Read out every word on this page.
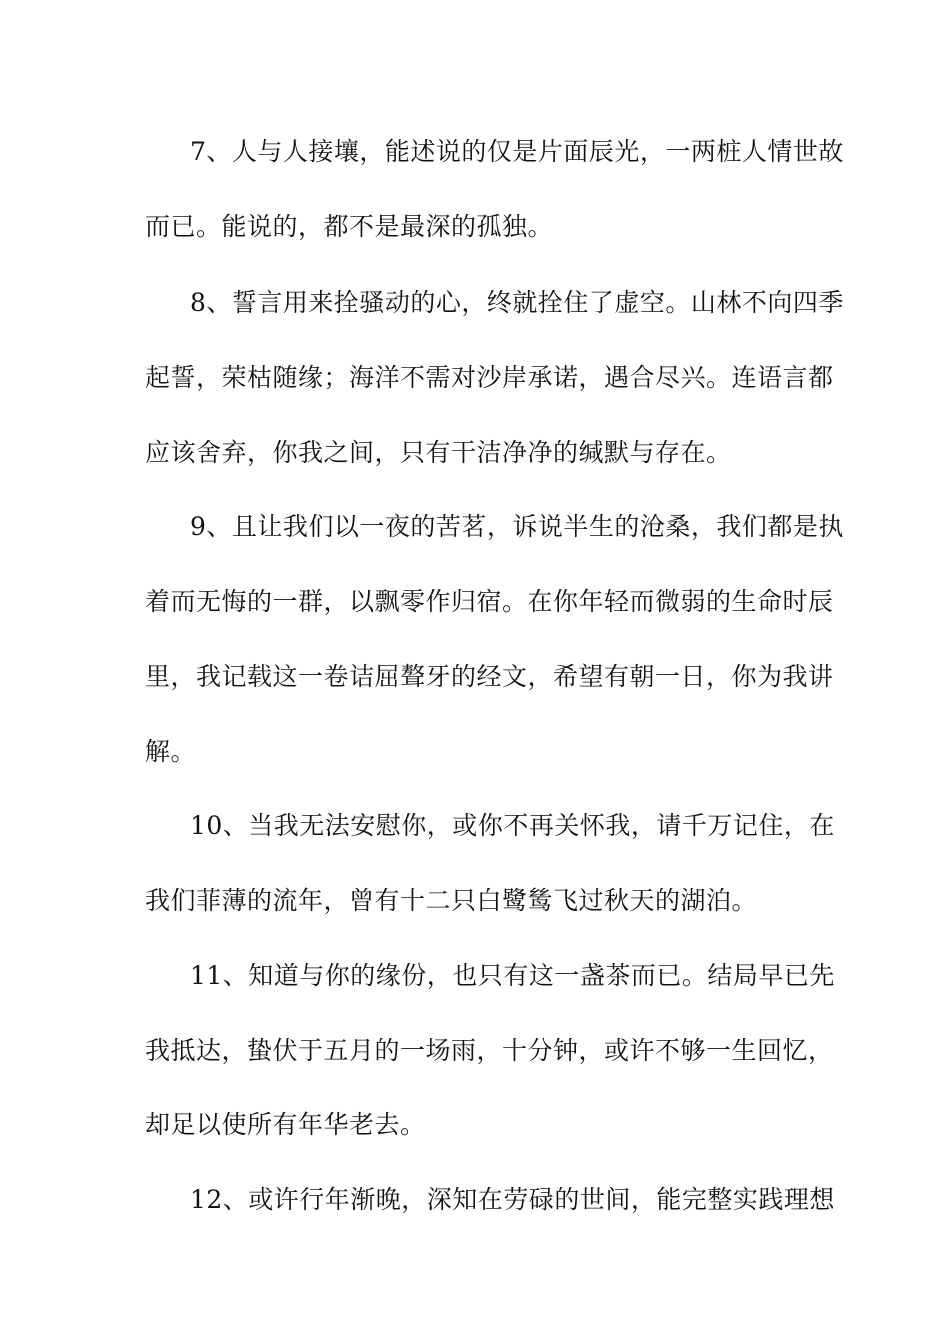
7、人与人接壤，能述说的仅是片面辰光，一两桩人情世故
而已。能说的，都不是最深的孤独。
8、誓言用来拴骚动的心，终就拴住了虚空。山林不向四季
起誓，荣枯随缘；海洋不需对沙岸承诺，遇合尽兴。连语言都
应该舍弃，你我之间，只有干洁净净的缄默与存在。
9、且让我们以一夜的苦茗，诉说半生的沧桑，我们都是执
着而无悔的一群，以飘零作归宿。在你年轻而微弱的生命时辰
里，我记载这一卷诘屈聱牙的经文，希望有朝一日，你为我讲
解。
10、当我无法安慰你，或你不再关怀我，请千万记住，在
我们菲薄的流年，曾有十二只白鹭鸶飞过秋天的湖泊。
11、知道与你的缘份，也只有这一盏茶而已。结局早已先
我抵达，蛰伏于五月的一场雨，十分钟，或许不够一生回忆，
却足以使所有年华老去。
12、或许行年渐晚，深知在劳碌的世间，能完整实践理想
